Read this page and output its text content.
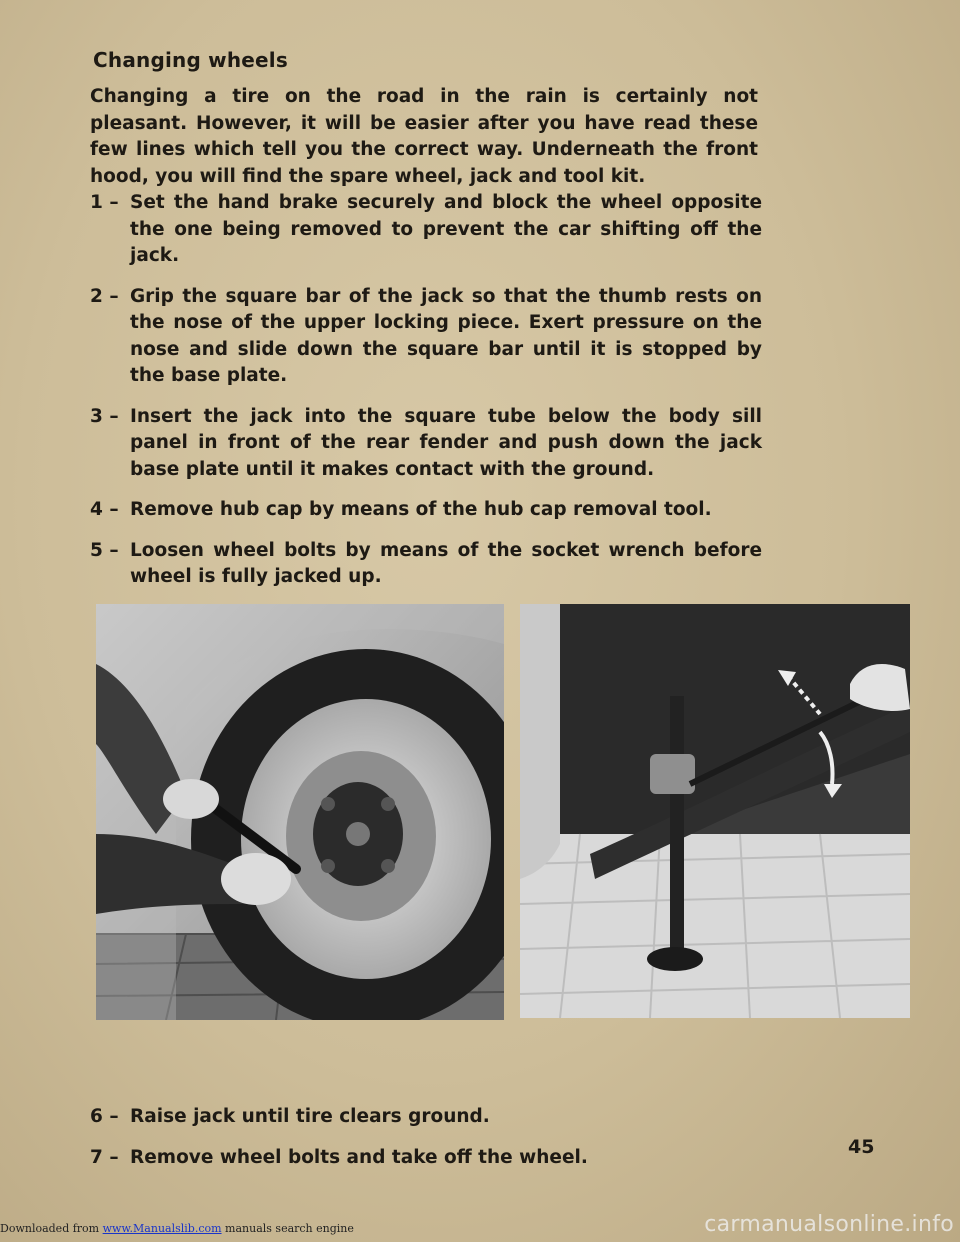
Changing wheels
Changing a tire on the road in the rain is certainly not pleasant. However, it will be easier after you have read these few lines which tell you the correct way. Underneath the front hood, you will find the spare wheel, jack and tool kit.
1 – Set the hand brake securely and block the wheel opposite the one being removed to prevent the car shifting off the jack.
2 – Grip the square bar of the jack so that the thumb rests on the nose of the upper locking piece. Exert pressure on the nose and slide down the square bar until it is stopped by the base plate.
3 – Insert the jack into the square tube below the body sill panel in front of the rear fender and push down the jack base plate until it makes contact with the ground.
4 – Remove hub cap by means of the hub cap removal tool.
5 – Loosen wheel bolts by means of the socket wrench before wheel is fully jacked up.
6 – Raise jack until tire clears ground.
7 – Remove wheel bolts and take off the wheel.	45
Downloaded from www.Manualslib.com manuals search engine	carmanualsonline.info
